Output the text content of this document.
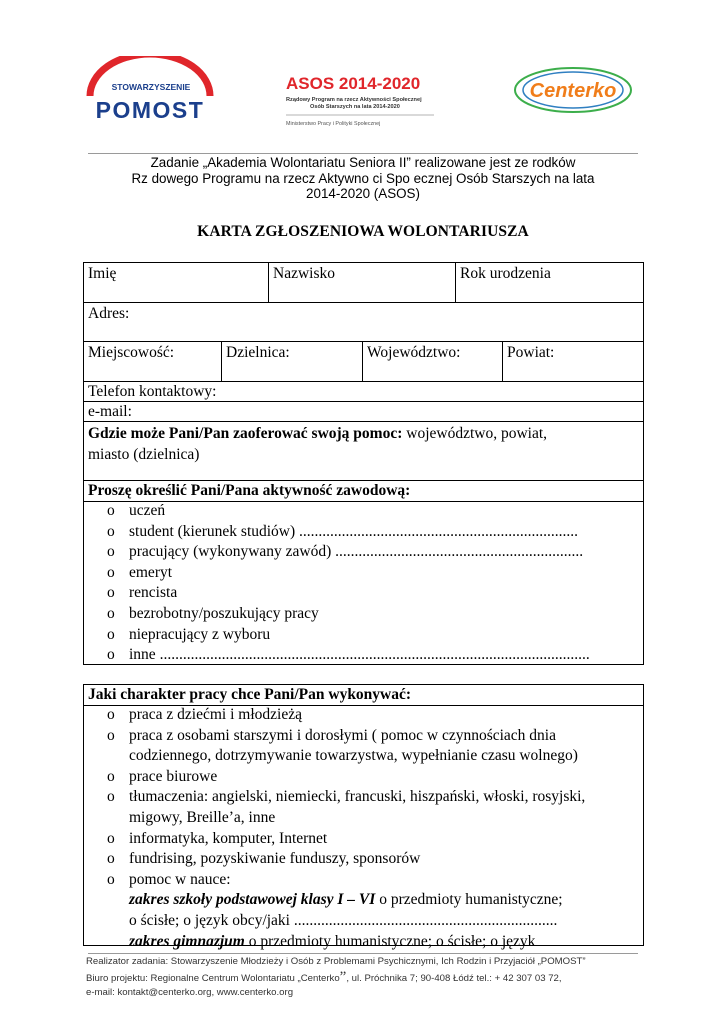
STOWARZYSZENIE
POMOST
ASOS 2014-2020
Rządowy Program na rzecz Aktywności Społecznej
Osób Starszych na lata 2014-2020
Ministerstwo Pracy i Polityki Społecznej
Centerko
Zadanie „Akademia Wolontariatu Seniora II” realizowane jest ze rodków
Rz dowego Programu na rzecz Aktywno ci Spo ecznej Osób Starszych na lata
2014-2020 (ASOS)
KARTA ZGŁOSZENIOWA WOLONTARIUSZA
Imię	Nazwisko	Rok urodzenia
Adres:
Miejscowość:	Dzielnica:	Województwo:	Powiat:
Telefon kontaktowy:
e-mail:
Gdzie może Pani/Pan zaoferować swoją pomoc: województwo, powiat,
miasto (dzielnica)
Proszę określić Pani/Pana aktywność zawodową:
o uczeń
o student (kierunek studiów) ........................................................................
o pracujący (wykonywany zawód) ................................................................
o emeryt
o rencista
o bezrobotny/poszukujący pracy
o niepracujący z wyboru
o inne ...............................................................................................................
Jaki charakter pracy chce Pani/Pan wykonywać:
o praca z dziećmi i młodzieżą
o praca z osobami starszymi i dorosłymi ( pomoc w czynnościach dnia
codziennego, dotrzymywanie towarzystwa, wypełnianie czasu wolnego)
o prace biurowe
o tłumaczenia: angielski, niemiecki, francuski, hiszpański, włoski, rosyjski,
migowy, Breille’a, inne
o informatyka, komputer, Internet
o fundrising, pozyskiwanie funduszy, sponsorów
o pomoc w nauce:
zakres szkoły podstawowej klasy I – VI o przedmioty humanistyczne;
o ścisłe; o język obcy/jaki ....................................................................
zakres gimnazjum o przedmioty humanistyczne; o ścisłe; o język
Realizator zadania: Stowarzyszenie Młodzieży i Osób z Problemami Psychicznymi, Ich Rodzin i Przyjaciół „POMOST”
Biuro projektu: Regionalne Centrum Wolontariatu „Centerko”, ul. Próchnika 7; 90-408 Łódź tel.: + 42 307 03 72,
e-mail: kontakt@centerko.org, www.centerko.org
